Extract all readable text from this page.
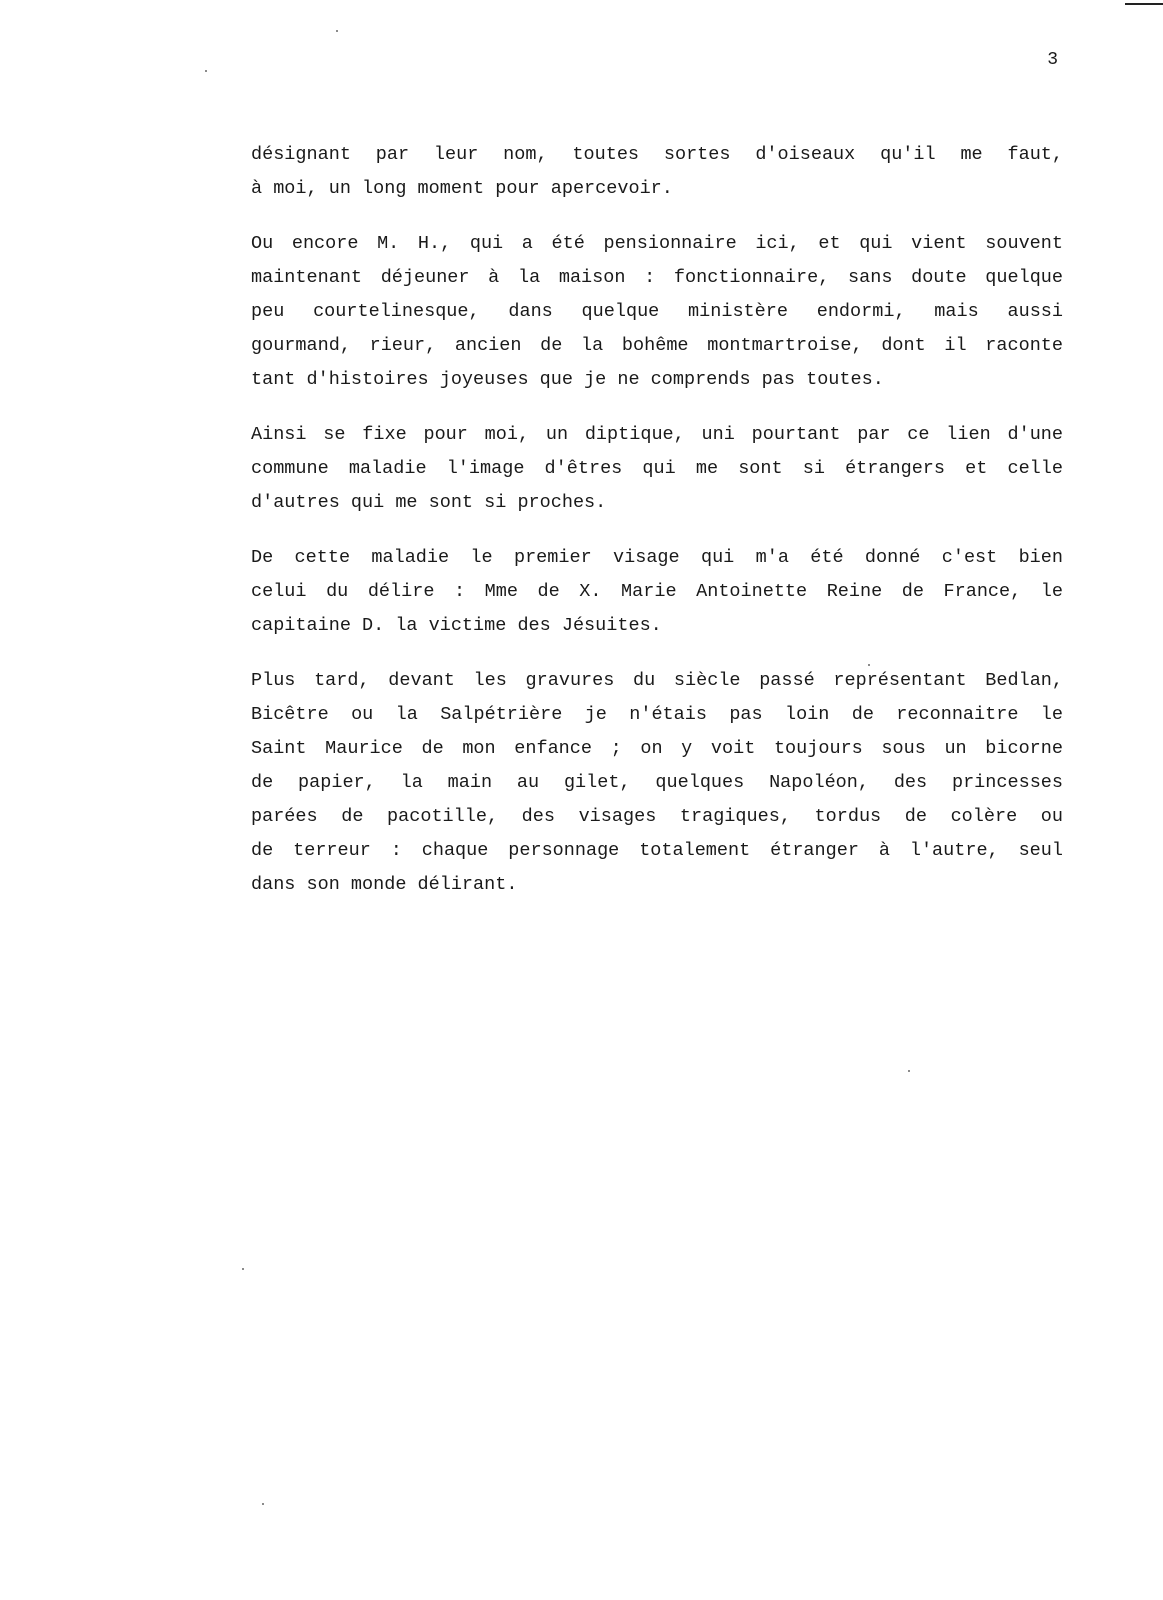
3

désignant par leur nom, toutes sortes d'oiseaux qu'il me faut,
à moi, un long moment pour apercevoir.

Ou encore M. H., qui a été pensionnaire ici, et qui vient souvent
maintenant déjeuner à la maison : fonctionnaire, sans doute quelque
peu courtelinesque, dans quelque ministère endormi, mais aussi
gourmand, rieur, ancien de la bohême montmartroise, dont il raconte
tant d'histoires joyeuses que je ne comprends pas toutes.

Ainsi se fixe pour moi, un diptique, uni pourtant par ce lien d'une
commune maladie l'image d'êtres qui me sont si étrangers et celle
d'autres qui me sont si proches.

De cette maladie le premier visage qui m'a été donné c'est bien
celui du délire : Mme de X. Marie Antoinette Reine de France, le
capitaine D. la victime des Jésuites.

Plus tard, devant les gravures du siècle passé représentant Bedlan,
Bicêtre ou la Salpétrière je n'étais pas loin de reconnaitre le
Saint Maurice de mon enfance ; on y voit toujours sous un bicorne
de papier, la main au gilet, quelques Napoléon, des princesses
parées de pacotille, des visages tragiques, tordus de colère ou
de terreur : chaque personnage totalement étranger à l'autre, seul
dans son monde délirant.
